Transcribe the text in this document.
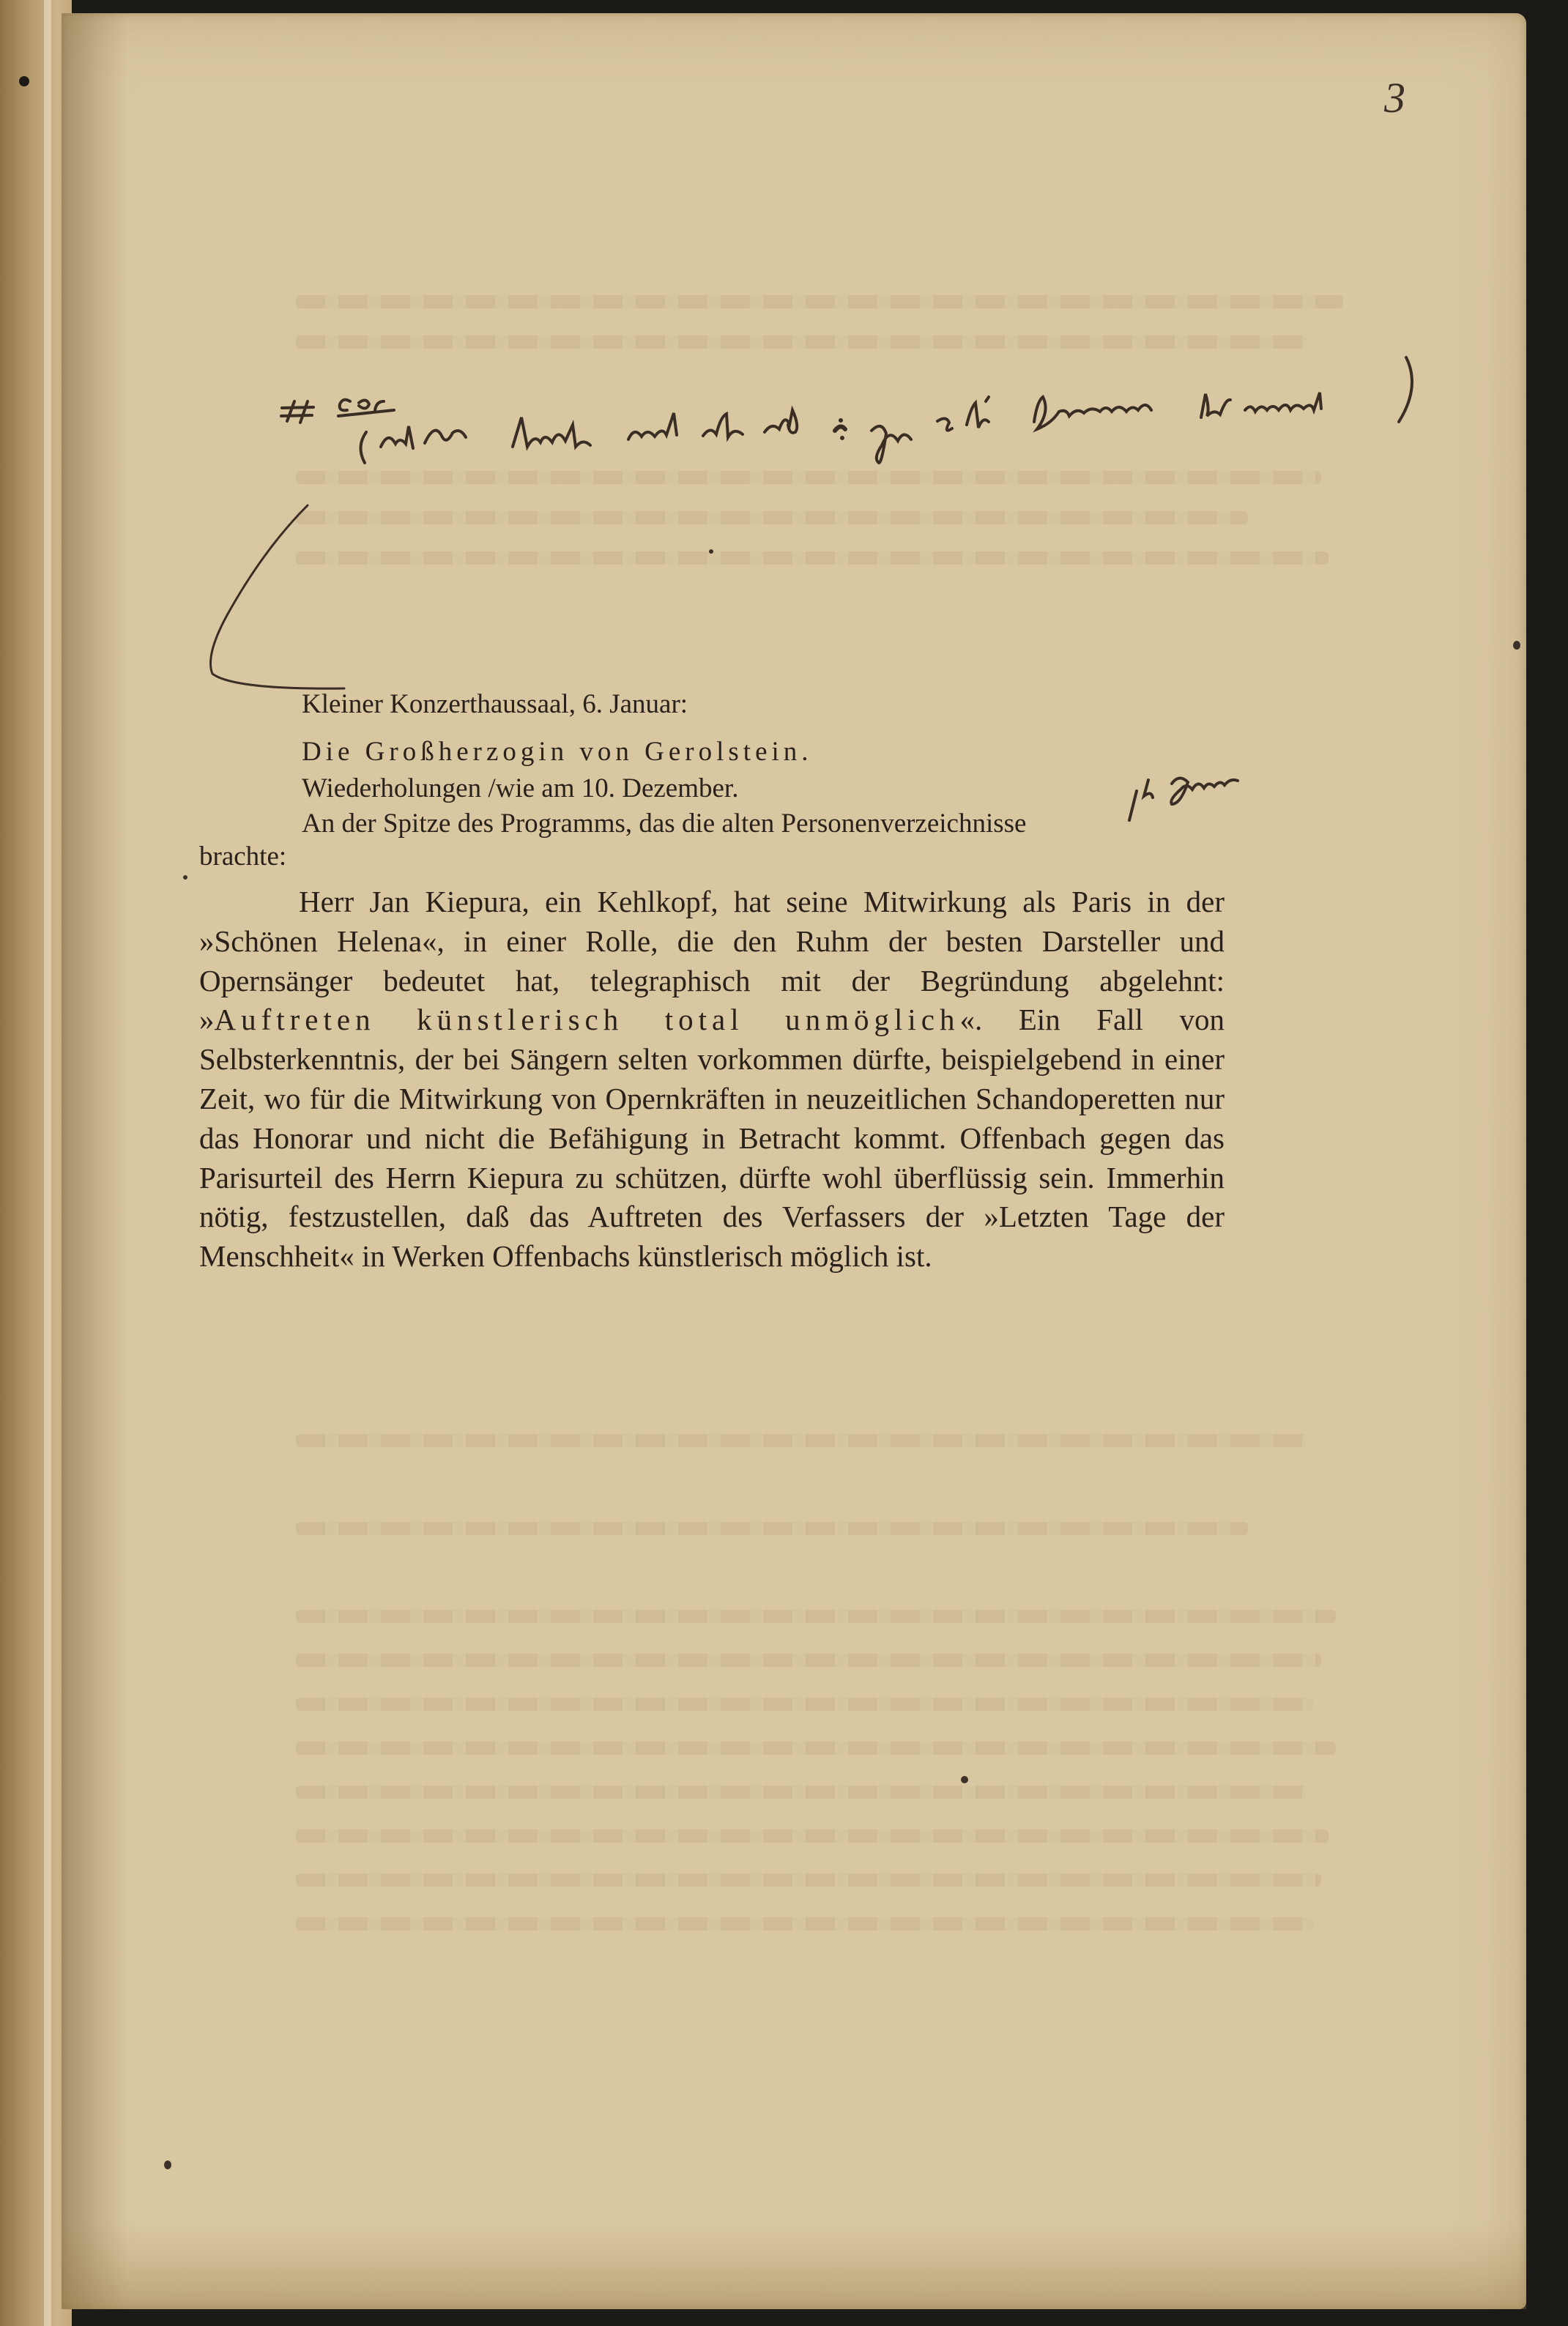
3
Kleiner Konzerthaussaal, 6. Januar:
Die Großherzogin von Gerolstein.
Wiederholungen /wie am 10. Dezember.
An der Spitze des Programms, das die alten Personenverzeichnisse
brachte:

Herr Jan Kiepura, ein Kehlkopf, hat seine Mitwirkung als Paris in der »Schönen Helena«, in einer Rolle, die den Ruhm der besten Darsteller und Opernsänger bedeutet hat, telegraphisch mit der Begründung abgelehnt: »Auftreten künstlerisch total unmöglich«. Ein Fall von Selbsterkenntnis, der bei Sängern selten vorkommen dürfte, beispielgebend in einer Zeit, wo für die Mitwirkung von Opernkräften in neuzeitlichen Schandoperetten nur das Honorar und nicht die Befähigung in Betracht kommt. Offenbach gegen das Parisurteil des Herrn Kiepura zu schützen, dürfte wohl überflüssig sein. Immerhin nötig, festzustellen, daß das Auftreten des Verfassers der »Letzten Tage der Menschheit« in Werken Offenbachs künstlerisch möglich ist.
